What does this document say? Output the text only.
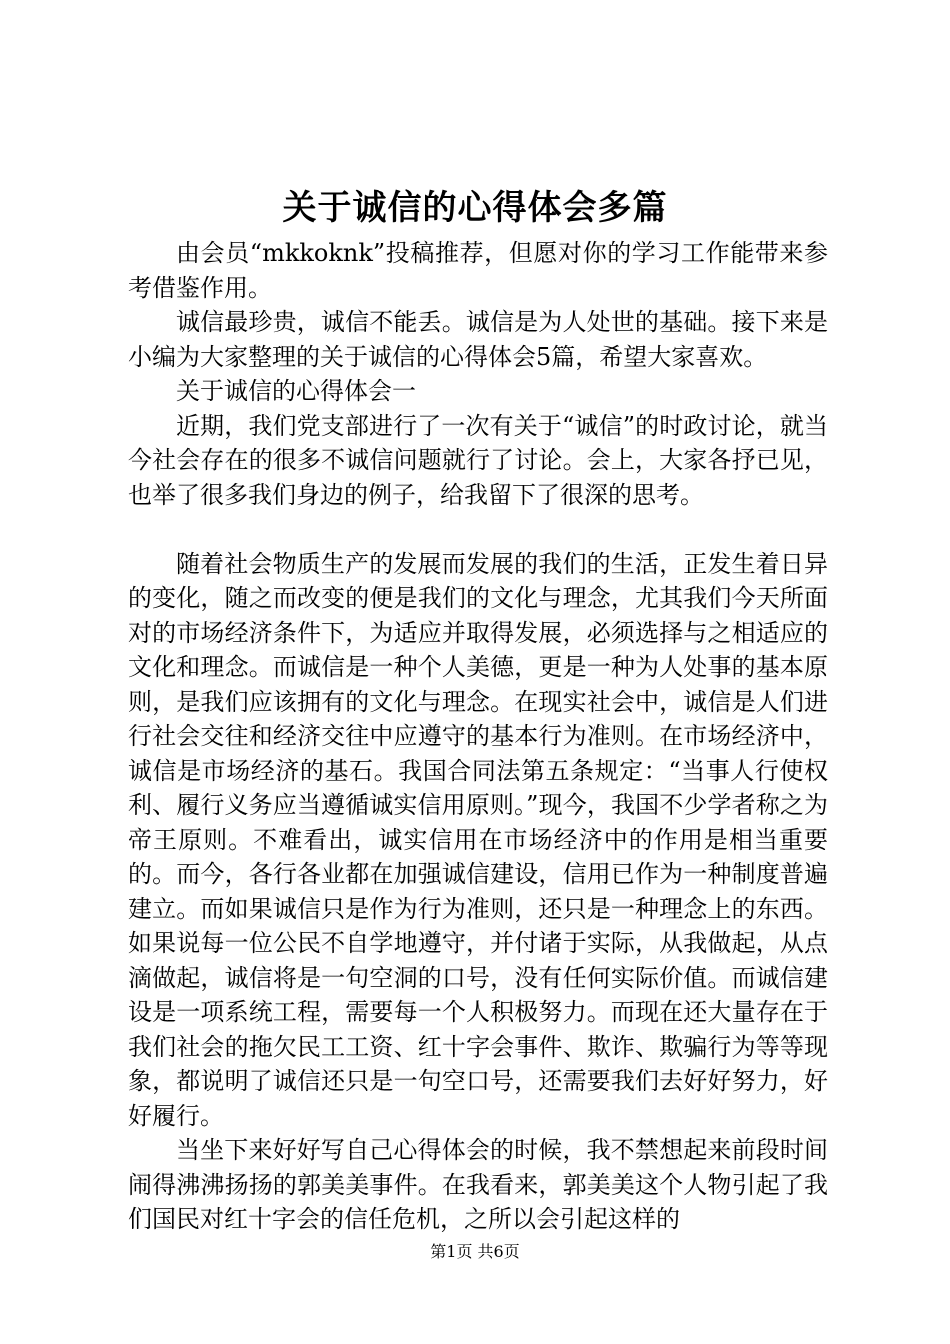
关于诚信的心得体会多篇

由会员“mkkoknk”投稿推荐，但愿对你的学习工作能带来参考借鉴作用。

诚信最珍贵，诚信不能丢。诚信是为人处世的基础。接下来是小编为大家整理的关于诚信的心得体会5篇，希望大家喜欢。

关于诚信的心得体会一

近期，我们党支部进行了一次有关于“诚信”的时政讨论，就当今社会存在的很多不诚信问题就行了讨论。会上，大家各抒已见，也举了很多我们身边的例子，给我留下了很深的思考。

随着社会物质生产的发展而发展的我们的生活，正发生着日异的变化，随之而改变的便是我们的文化与理念，尤其我们今天所面对的市场经济条件下，为适应并取得发展，必须选择与之相适应的文化和理念。而诚信是一种个人美德，更是一种为人处事的基本原则，是我们应该拥有的文化与理念。在现实社会中，诚信是人们进行社会交往和经济交往中应遵守的基本行为准则。在市场经济中，诚信是市场经济的基石。我国合同法第五条规定：“当事人行使权利、履行义务应当遵循诚实信用原则。”现今，我国不少学者称之为帝王原则。不难看出，诚实信用在市场经济中的作用是相当重要的。而今，各行各业都在加强诚信建设，信用已作为一种制度普遍建立。而如果诚信只是作为行为准则，还只是一种理念上的东西。如果说每一位公民不自学地遵守，并付诸于实际，从我做起，从点滴做起，诚信将是一句空洞的口号，没有任何实际价值。而诚信建设是一项系统工程，需要每一个人积极努力。而现在还大量存在于我们社会的拖欠民工工资、红十字会事件、欺诈、欺骗行为等等现象，都说明了诚信还只是一句空口号，还需要我们去好好努力，好好履行。

当坐下来好好写自己心得体会的时候，我不禁想起来前段时间闹得沸沸扬扬的郭美美事件。在我看来，郭美美这个人物引起了我们国民对红十字会的信任危机，之所以会引起这样的

第1页 共6页
